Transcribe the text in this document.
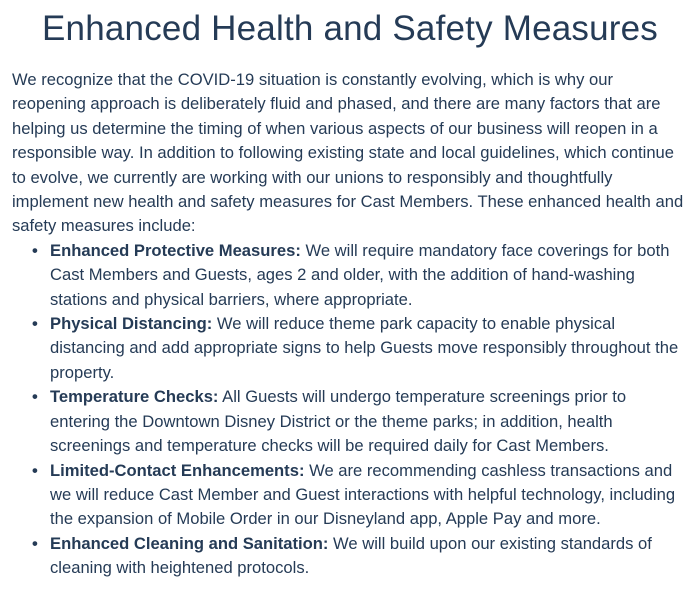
Enhanced Health and Safety Measures

We recognize that the COVID-19 situation is constantly evolving, which is why our reopening approach is deliberately fluid and phased, and there are many factors that are helping us determine the timing of when various aspects of our business will reopen in a responsible way. In addition to following existing state and local guidelines, which continue to evolve, we currently are working with our unions to responsibly and thoughtfully implement new health and safety measures for Cast Members. These enhanced health and safety measures include:

• Enhanced Protective Measures: We will require mandatory face coverings for both Cast Members and Guests, ages 2 and older, with the addition of hand-washing stations and physical barriers, where appropriate.
• Physical Distancing: We will reduce theme park capacity to enable physical distancing and add appropriate signs to help Guests move responsibly throughout the property.
• Temperature Checks: All Guests will undergo temperature screenings prior to entering the Downtown Disney District or the theme parks; in addition, health screenings and temperature checks will be required daily for Cast Members.
• Limited-Contact Enhancements: We are recommending cashless transactions and we will reduce Cast Member and Guest interactions with helpful technology, including the expansion of Mobile Order in our Disneyland app, Apple Pay and more.
• Enhanced Cleaning and Sanitation: We will build upon our existing standards of cleaning with heightened protocols.
